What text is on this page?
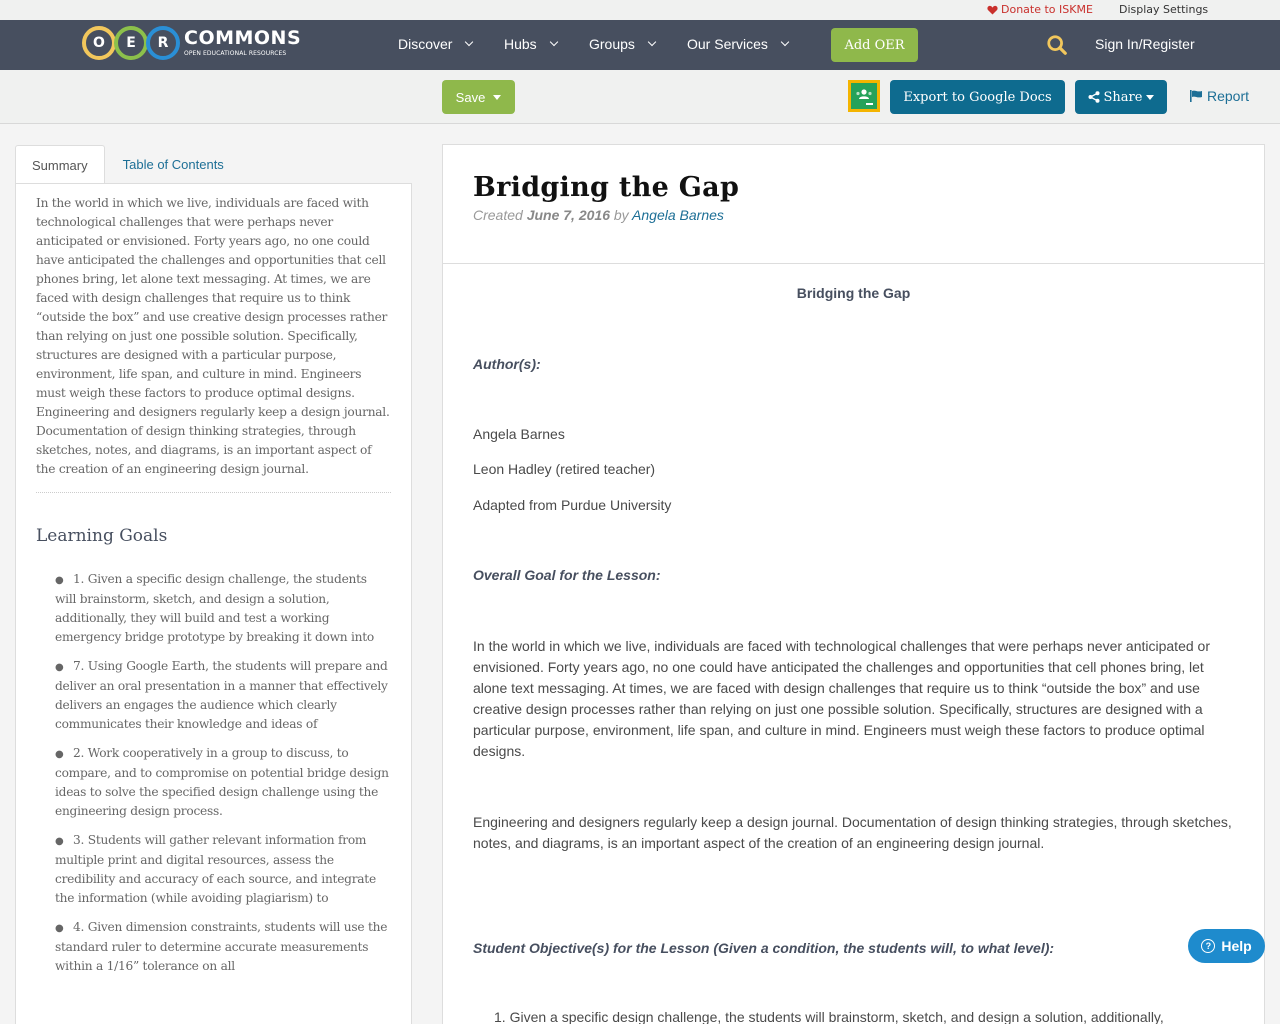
Donate to ISKME Display Settings
O	E	R COMMONS
OPEN EDUCATIONAL RESOURCES
Discover	Hubs	Groups	Our Services	Add OER	Sign In/Register
Save	Export to Google Docs	Share	Report
Summary	Table of Contents

In the world in which we live, individuals are faced with technological challenges that were perhaps never anticipated or envisioned. Forty years ago, no one could have anticipated the challenges and opportunities that cell phones bring, let alone text messaging. At times, we are faced with design challenges that require us to think “outside the box” and use creative design processes rather than relying on just one possible solution. Specifically, structures are designed with a particular purpose, environment, life span, and culture in mind. Engineers must weigh these factors to produce optimal designs. Engineering and designers regularly keep a design journal. Documentation of design thinking strategies, through sketches, notes, and diagrams, is an important aspect of the creation of an engineering design journal.

Learning Goals
● 1. Given a specific design challenge, the students will brainstorm, sketch, and design a solution, additionally, they will build and test a working emergency bridge prototype by breaking it down into
● 7. Using Google Earth, the students will prepare and deliver an oral presentation in a manner that effectively delivers an engages the audience which clearly communicates their knowledge and ideas of
● 2. Work cooperatively in a group to discuss, to compare, and to compromise on potential bridge design ideas to solve the specified design challenge using the engineering design process.
● 3. Students will gather relevant information from multiple print and digital resources, assess the credibility and accuracy of each source, and integrate the information (while avoiding plagiarism) to
● 4. Given dimension constraints, students will use the standard ruler to determine accurate measurements within a 1/16” tolerance on all
Bridging the Gap
Created June 7, 2016 by Angela Barnes
Bridging the Gap
Author(s):
Angela Barnes
Leon Hadley (retired teacher)
Adapted from Purdue University
Overall Goal for the Lesson:
In the world in which we live, individuals are faced with technological challenges that were perhaps never anticipated or envisioned. Forty years ago, no one could have anticipated the challenges and opportunities that cell phones bring, let alone text messaging. At times, we are faced with design challenges that require us to think “outside the box” and use creative design processes rather than relying on just one possible solution. Specifically, structures are designed with a particular purpose, environment, life span, and culture in mind. Engineers must weigh these factors to produce optimal designs.
Engineering and designers regularly keep a design journal. Documentation of design thinking strategies, through sketches, notes, and diagrams, is an important aspect of the creation of an engineering design journal.
Student Objective(s) for the Lesson (Given a condition, the students will, to what level):
1. Given a specific design challenge, the students will brainstorm, sketch, and design a solution, additionally,
? Help
